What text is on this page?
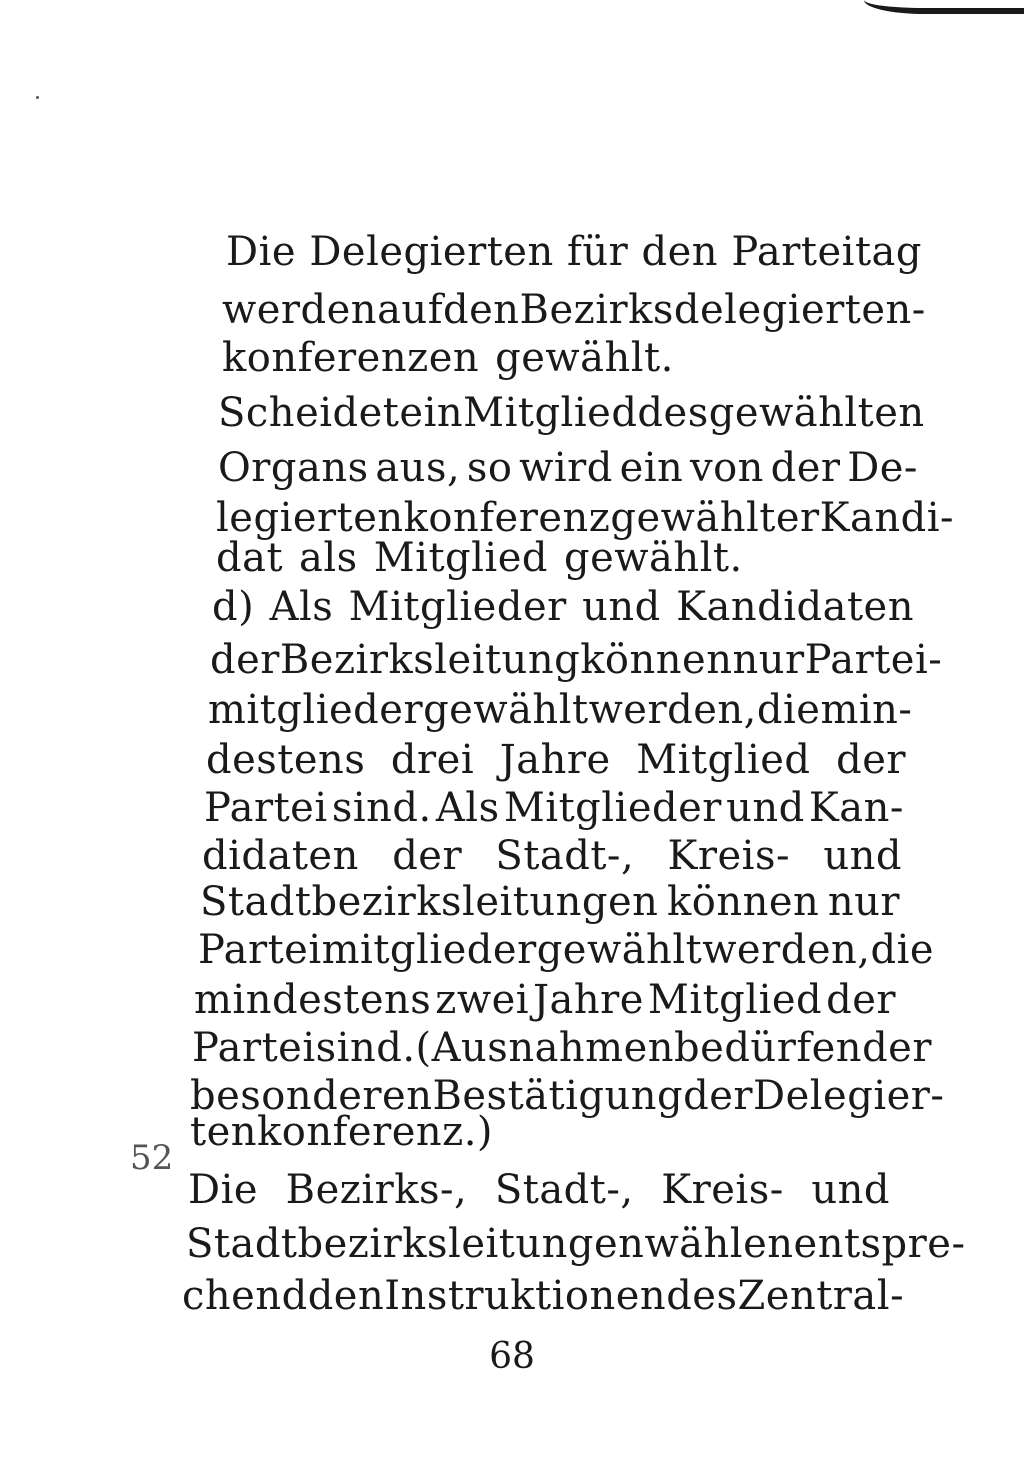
Die Delegierten für den Parteitag
werden auf den Bezirksdelegierten-
konferenzen gewählt.
Scheidet ein Mitglied des gewählten
Organs aus, so wird ein von der De-
legiertenkonferenz gewählter Kandi-
dat als Mitglied gewählt.
d) Als Mitglieder und Kandidaten
der Bezirksleitung können nur Partei-
mitglieder gewählt werden, die min-
destens drei Jahre Mitglied der
Partei sind. Als Mitglieder und Kan-
didaten der Stadt-, Kreis- und
Stadtbezirksleitungen können nur
Parteimitglieder gewählt werden, die
mindestens zwei Jahre Mitglied der
Partei sind. (Ausnahmen bedürfen der
besonderen Bestätigung der Delegier-
tenkonferenz.)
Die Bezirks-, Stadt-, Kreis- und
Stadtbezirksleitungen wählen entspre-
chend den Instruktionen des Zentral-
52
68
